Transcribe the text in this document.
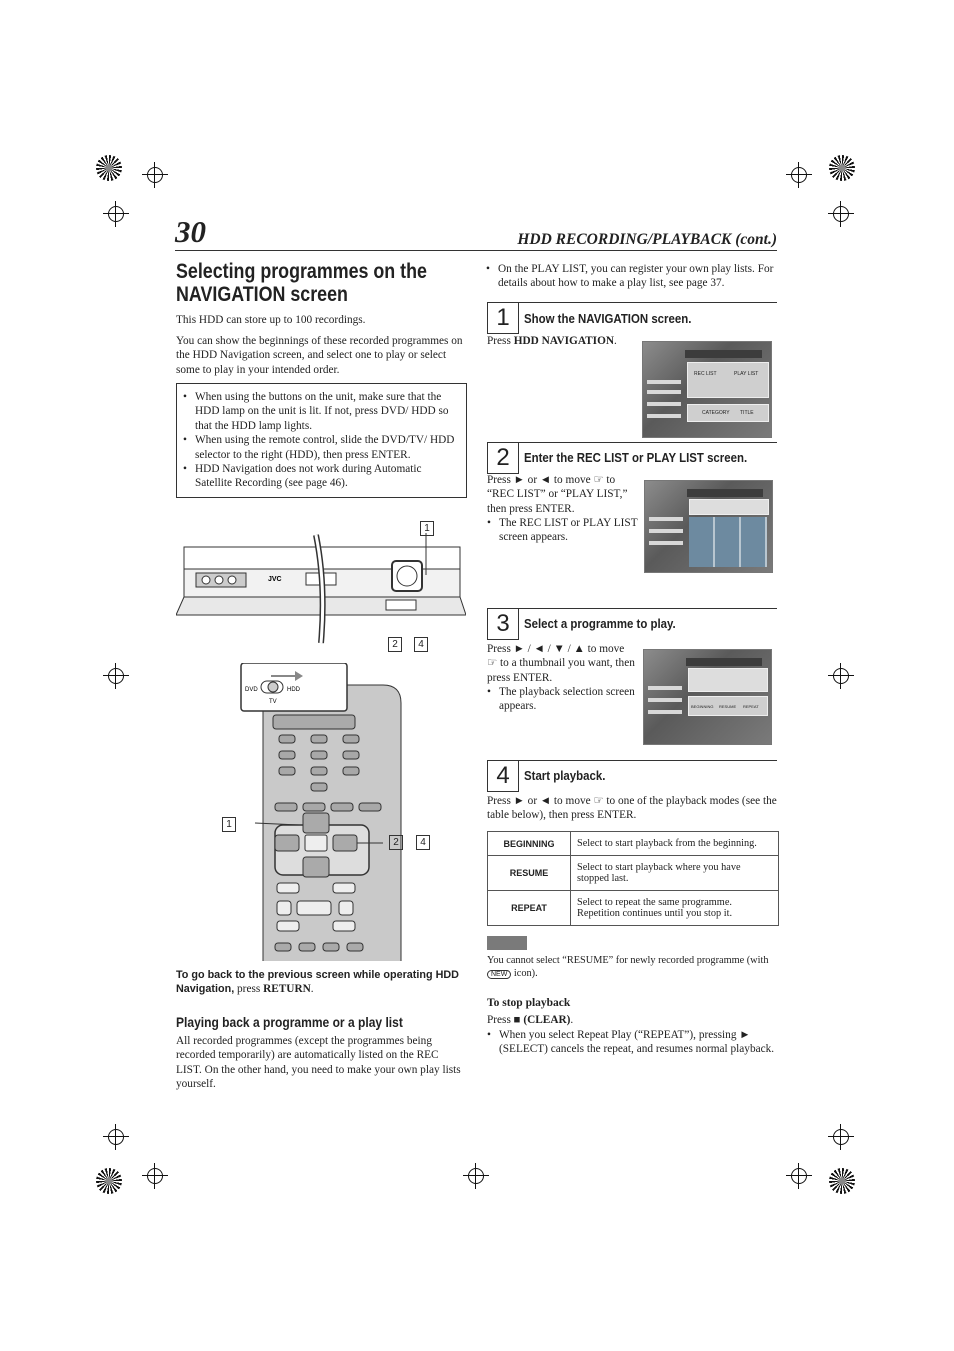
30	HDD RECORDING/PLAYBACK (cont.)
Selecting programmes on the
NAVIGATION screen

This HDD can store up to 100 recordings.

You can show the beginnings of these recorded programmes on the HDD Navigation screen, and select one to play or select some to play in your intended order.

• When using the buttons on the unit, make sure that the HDD lamp on the unit is lit. If not, press DVD/ HDD so that the HDD lamp lights.
• When using the remote control, slide the DVD/TV/ HDD selector to the right (HDD), then press ENTER.
• HDD Navigation does not work during Automatic Satellite Recording (see page 46).
JVC
1
2	4
DVD	HDD
TV
1
2	4

To go back to the previous screen while operating HDD Navigation, press RETURN.

Playing back a programme or a play list

All recorded programmes (except the programmes being recorded temporarily) are automatically listed on the REC LIST. On the other hand, you need to make your own play lists yourself.

• On the PLAY LIST, you can register your own play lists. For details about how to make a play list, see page 37.
1	Show the NAVIGATION screen.

Press HDD NAVIGATION.

REC LIST	PLAY LIST
CATEGORY TITLE
2	Enter the REC LIST or PLAY LIST screen.

Press ► or ◄ to move ☞ to “REC LIST” or “PLAY LIST,” then press ENTER.

• The REC LIST or PLAY LIST screen appears.
3	Select a programme to play.

Press ► / ◄ / ▼ / ▲ to move ☞ to a thumbnail you want, then press ENTER.

• The playback selection screen appears.	BEGINNING RESUME REPEAT
4	Start playback.

Press ► or ◄ to move ☞ to one of the playback modes (see the table below), then press ENTER.

BEGINNING	Select to start playback from the beginning.
RESUME	Select to start playback where you have stopped last.
REPEAT	Select to repeat the same programme. Repetition continues until you stop it.

You cannot select “RESUME” for newly recorded programme (with NEW icon).

To stop playback

Press ■ (CLEAR).

• When you select Repeat Play (“REPEAT”), pressing ► (SELECT) cancels the repeat, and resumes normal playback.
